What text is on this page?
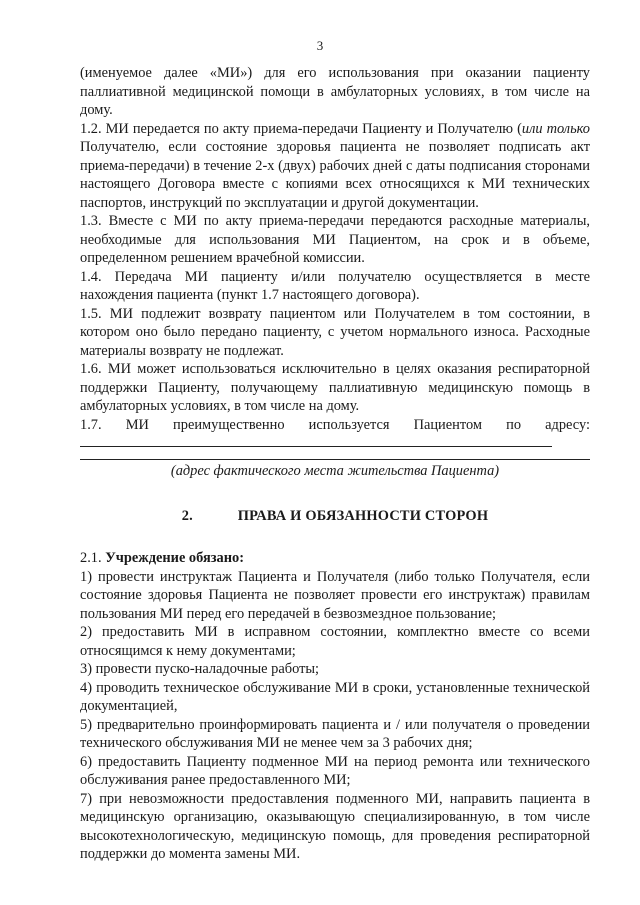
3

(именуемое далее «МИ») для его использования при оказании пациенту паллиативной медицинской помощи в амбулаторных условиях, в том числе на дому.

1.2. МИ передается по акту приема-передачи Пациенту и Получателю (или только Получателю, если состояние здоровья пациента не позволяет подписать акт приема-передачи) в течение 2-х (двух) рабочих дней с даты подписания сторонами настоящего Договора вместе с копиями всех относящихся к МИ технических паспортов, инструкций по эксплуатации и другой документации.

1.3. Вместе с МИ по акту приема-передачи передаются расходные материалы, необходимые для использования МИ Пациентом, на срок и в объеме, определенном решением врачебной комиссии.

1.4. Передача МИ пациенту и/или получателю осуществляется в месте нахождения пациента (пункт 1.7 настоящего договора).

1.5. МИ подлежит возврату пациентом или Получателем в том состоянии, в котором оно было передано пациенту, с учетом нормального износа. Расходные материалы возврату не подлежат.

1.6. МИ может использоваться исключительно в целях оказания респираторной поддержки Пациенту, получающему паллиативную медицинскую помощь в амбулаторных условиях, в том числе на дому.

1.7. МИ преимущественно используется Пациентом по адресу:

(адрес фактического места жительства Пациента)
2.	ПРАВА И ОБЯЗАННОСТИ СТОРОН

2.1. Учреждение обязано:

1) провести инструктаж Пациента и Получателя (либо только Получателя, если состояние здоровья Пациента не позволяет провести его инструктаж) правилам пользования МИ перед его передачей в безвозмездное пользование;

2) предоставить МИ в исправном состоянии, комплектно вместе со всеми относящимся к нему документами;

3) провести пуско-наладочные работы;

4) проводить техническое обслуживание МИ в сроки, установленные технической документацией,

5) предварительно проинформировать пациента и / или получателя о проведении технического обслуживания МИ не менее чем за 3 рабочих дня;

6) предоставить Пациенту подменное МИ на период ремонта или технического обслуживания ранее предоставленного МИ;

7) при невозможности предоставления подменного МИ, направить пациента в медицинскую организацию, оказывающую специализированную, в том числе высокотехнологическую, медицинскую помощь, для проведения респираторной поддержки до момента замены МИ.
